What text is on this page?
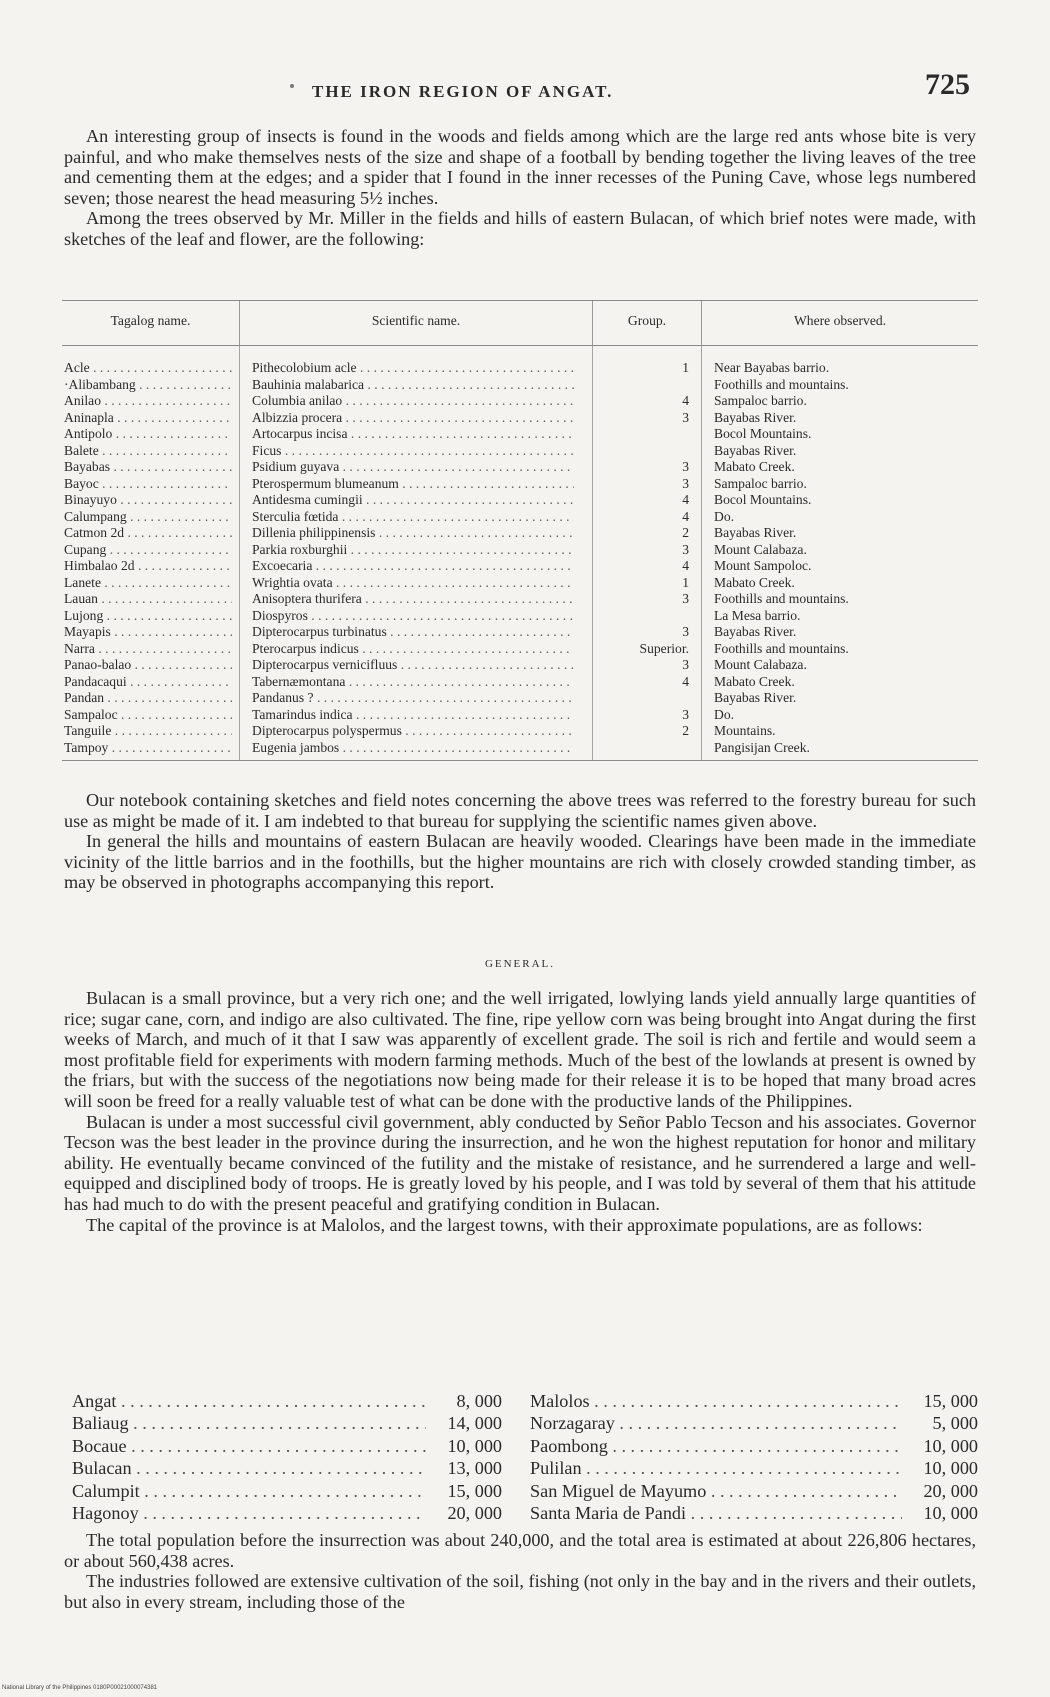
THE IRON REGION OF ANGAT.	725

An interesting group of insects is found in the woods and fields among which are the large red ants whose bite is very painful, and who make themselves nests of the size and shape of a football by bending together the living leaves of the tree and cementing them at the edges; and a spider that I found in the inner recesses of the Puning Cave, whose legs numbered seven; those nearest the head measuring 5½ inches.

Among the trees observed by Mr. Miller in the fields and hills of eastern Bulacan, of which brief notes were made, with sketches of the leaf and flower, are the following:

Tagalog name.	Scientific name.	Group.	Where observed.
Acle . . .	Pithecolobium acle . . .	1	Near Bayabas barrio.
·Alibambang . . .	Bauhinia malabarica . . .		Foothills and mountains.
Anilao . . .	Columbia anilao . . .	4	Sampaloc barrio.
Aninapla . . .	Albizzia procera . . .	3	Bayabas River.
Antipolo . . .	Artocarpus incisa . . .		Bocol Mountains.
Balete . . .	Ficus . . .		Bayabas River.
Bayabas . . .	Psidium guyava . . .	3	Mabato Creek.
Bayoc . . .	Pterospermum blumeanum . . .	3	Sampaloc barrio.
Binayuyo . . .	Antidesma cumingii . . .	4	Bocol Mountains.
Calumpang . . .	Sterculia fœtida . . .	4	Do.
Catmon 2d . . .	Dillenia philippinensis . . .	2	Bayabas River.
Cupang . . .	Parkia roxburghii . . .	3	Mount Calabaza.
Himbalao 2d . . .	Excoecaria . . .	4	Mount Sampoloc.
Lanete . . .	Wrightia ovata . . .	1	Mabato Creek.
Lauan . . .	Anisoptera thurifera . . .	3	Foothills and mountains.
Lujong . . .	Diospyros . . .		La Mesa barrio.
Mayapis . . .	Dipterocarpus turbinatus . . .	3	Bayabas River.
Narra . . .	Pterocarpus indicus . . .	Superior.	Foothills and mountains.
Panao-balao . . .	Dipterocarpus vernicifluus . . .	3	Mount Calabaza.
Pandacaqui . . .	Tabernæmontana . . .	4	Mabato Creek.
Pandan . . .	Pandanus ? . . .		Bayabas River.
Sampaloc . . .	Tamarindus indica . . .	3	Do.
Tanguile . . .	Dipterocarpus polyspermus . . .	2	Mountains.
Tampoy . . .	Eugenia jambos . . .		Pangisijan Creek.

Our notebook containing sketches and field notes concerning the above trees was referred to the forestry bureau for such use as might be made of it. I am indebted to that bureau for supplying the scientific names given above.

In general the hills and mountains of eastern Bulacan are heavily wooded. Clearings have been made in the immediate vicinity of the little barrios and in the foothills, but the higher mountains are rich with closely crowded standing timber, as may be observed in photographs accompanying this report.

GENERAL.

Bulacan is a small province, but a very rich one; and the well irrigated, lowlying lands yield annually large quantities of rice; sugar cane, corn, and indigo are also cultivated. The fine, ripe yellow corn was being brought into Angat during the first weeks of March, and much of it that I saw was apparently of excellent grade. The soil is rich and fertile and would seem a most profitable field for experiments with modern farming methods. Much of the best of the lowlands at present is owned by the friars, but with the success of the negotiations now being made for their release it is to be hoped that many broad acres will soon be freed for a really valuable test of what can be done with the productive lands of the Philippines.

Bulacan is under a most successful civil government, ably conducted by Señor Pablo Tecson and his associates. Governor Tecson was the best leader in the province during the insurrection, and he won the highest reputation for honor and military ability. He eventually became convinced of the futility and the mistake of resistance, and he surrendered a large and well-equipped and disciplined body of troops. He is greatly loved by his people, and I was told by several of them that his attitude has had much to do with the present peaceful and gratifying condition in Bulacan.

The capital of the province is at Malolos, and the largest towns, with their approximate populations, are as follows:

Angat . . .	8, 000
Baliaug . . .	14, 000
Bocaue . . .	10, 000
Bulacan . . .	13, 000
Calumpit . . .	15, 000
Hagonoy . . .	20, 000
Malolos . . .	15, 000
Norzagaray . . .	5, 000
Paombong . . .	10, 000
Pulilan . . .	10, 000
San Miguel de Mayumo . . .	20, 000
Santa Maria de Pandi . . .	10, 000

The total population before the insurrection was about 240,000, and the total area is estimated at about 226,806 hectares, or about 560,438 acres.

The industries followed are extensive cultivation of the soil, fishing (not only in the bay and in the rivers and their outlets, but also in every stream, including those of the

National Library of the Philippines 0180P00021000074381
